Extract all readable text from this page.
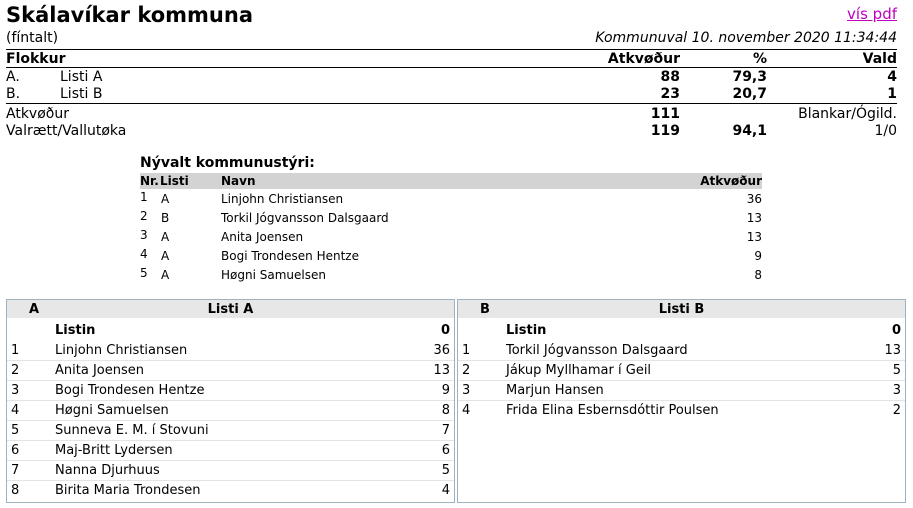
Skálavíkar kommuna	vís pdf
(fíntalt)	Kommunuval 10. november 2020 11:34:44
Flokkur	Atkvøður	%	Vald
A.	Listi A	88	79,3	4
B.	Listi B	23	20,7	1
Atkvøður	111	Blankar/Ógild.
Valrætt/Vallutøka	119	94,1	1/0
Nývalt kommunustýri:
Nr. Listi	Navn	Atkvøður
1 A	Linjohn Christiansen	36
2 B	Torkil Jógvansson Dalsgaard	13
3 A	Anita Joensen	13
4 A	Bogi Trondesen Hentze	9
5 A	Høgni Samuelsen	8
A	Listi A
Listin	0
1	Linjohn Christiansen	36
2	Anita Joensen	13
3	Bogi Trondesen Hentze	9
4	Høgni Samuelsen	8
5	Sunneva E. M. í Stovuni	7
6	Maj-Britt Lydersen	6
7	Nanna Djurhuus	5
8	Birita Maria Trondesen	4
B	Listi B
Listin	0
1	Torkil Jógvansson Dalsgaard	13
2	Jákup Myllhamar í Geil	5
3	Marjun Hansen	3
4	Frida Elina Esbernsdóttir Poulsen	2
